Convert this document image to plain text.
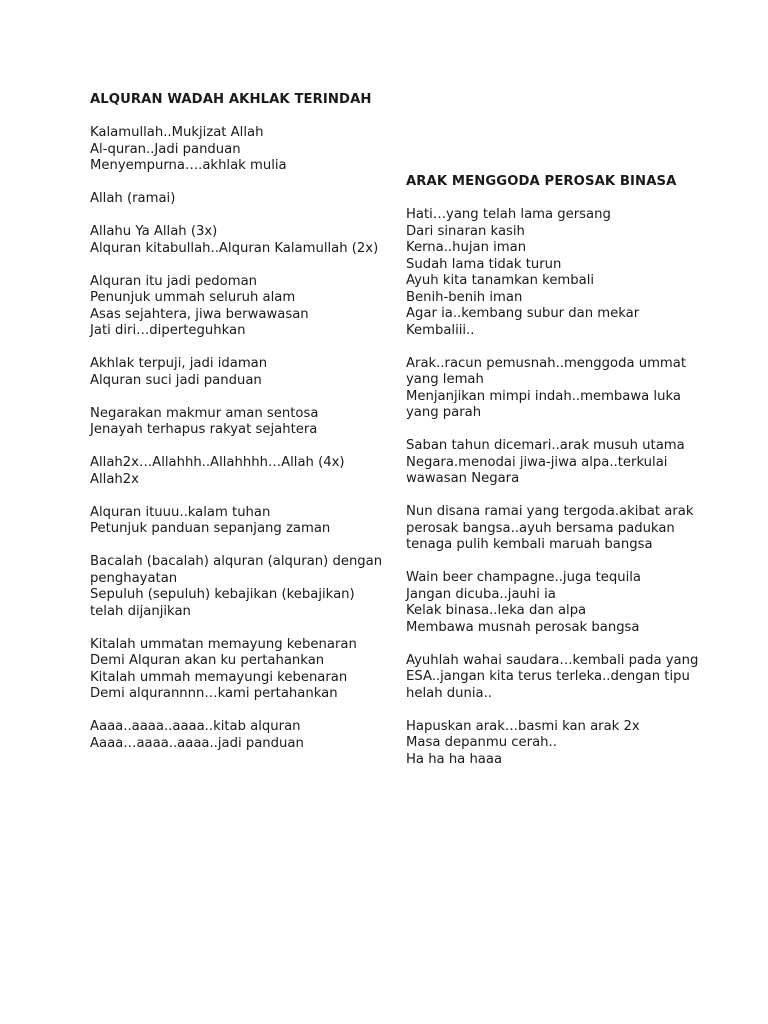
ALQURAN WADAH AKHLAK TERINDAH
Kalamullah..Mukjizat Allah
Al-quran..Jadi panduan
Menyempurna….akhlak mulia
Allah (ramai)
Allahu Ya Allah (3x)
Alquran kitabullah..Alquran Kalamullah (2x)
Alquran itu jadi pedoman
Penunjuk ummah seluruh alam
Asas sejahtera, jiwa berwawasan
Jati diri…diperteguhkan
Akhlak terpuji, jadi idaman
Alquran suci jadi panduan
Negarakan makmur aman sentosa
Jenayah terhapus rakyat sejahtera
Allah2x…Allahhh..Allahhhh…Allah (4x)
Allah2x
Alquran ituuu..kalam tuhan
Petunjuk panduan sepanjang zaman
Bacalah (bacalah) alquran (alquran) dengan penghayatan
Sepuluh (sepuluh) kebajikan (kebajikan) telah dijanjikan
Kitalah ummatan memayung kebenaran
Demi Alquran akan ku pertahankan
Kitalah ummah memayungi kebenaran
Demi alqurannnn…kami pertahankan
Aaaa..aaaa..aaaa..kitab alquran
Aaaa…aaaa..aaaa..jadi panduan
ARAK MENGGODA PEROSAK BINASA
Hati…yang telah lama gersang
Dari sinaran kasih
Kerna..hujan iman
Sudah lama tidak turun
Ayuh kita tanamkan kembali
Benih-benih iman
Agar ia..kembang subur dan mekar
Kembaliii..
Arak..racun pemusnah..menggoda ummat yang lemah
Menjanjikan mimpi indah..membawa luka yang parah
Saban tahun dicemari..arak musuh utama Negara.menodai jiwa-jiwa alpa..terkulai wawasan Negara
Nun disana ramai yang tergoda.akibat arak perosak bangsa..ayuh bersama padukan tenaga pulih kembali maruah bangsa
Wain beer champagne..juga tequila
Jangan dicuba..jauhi ia
Kelak binasa..leka dan alpa
Membawa musnah perosak bangsa
Ayuhlah wahai saudara…kembali pada yang ESA..jangan kita terus terleka..dengan tipu helah dunia..
Hapuskan arak…basmi kan arak 2x
Masa depanmu cerah..
Ha ha ha haaa
